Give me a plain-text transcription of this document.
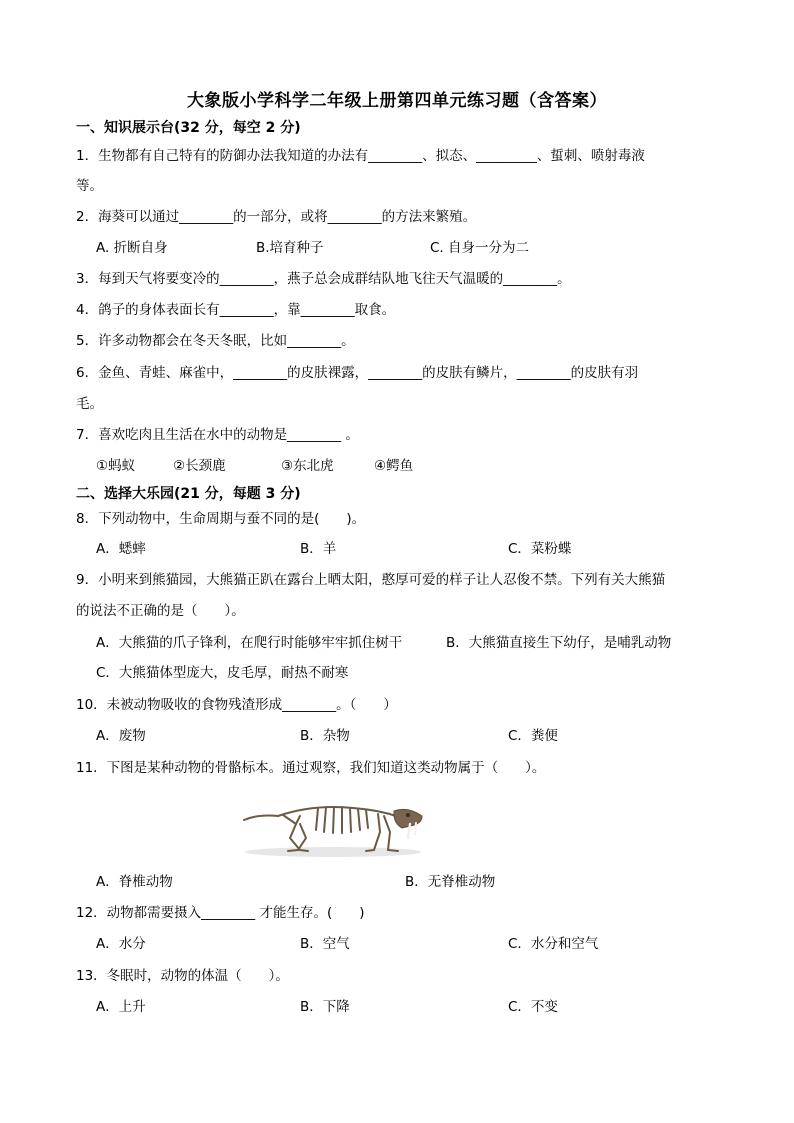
大象版小学科学二年级上册第四单元练习题（含答案）
一、知识展示台(32 分，每空 2 分)
1．生物都有自己特有的防御办法我知道的办法有________、拟态、_________、蜇刺、喷射毒液
等。
2．海葵可以通过________的一部分，或将________的方法来繁殖。
A. 折断自身	B.培育种子	C. 自身一分为二
3．每到天气将要变冷的________，燕子总会成群结队地飞往天气温暖的________。
4．鸽子的身体表面长有________，靠________取食。
5．许多动物都会在冬天冬眠，比如________。
6．金鱼、青蛙、麻雀中，________的皮肤裸露，________的皮肤有鳞片，________的皮肤有羽
毛。
7．喜欢吃肉且生活在水中的动物是________ 。
①蚂蚁	②长颈鹿	③东北虎	④鳄鱼
二、选择大乐园(21 分，每题 3 分)
8．下列动物中，生命周期与蚕不同的是(　　)。
A．蟋蟀	B．羊	C．菜粉蝶
9．小明来到熊猫园，大熊猫正趴在露台上晒太阳，憨厚可爱的样子让人忍俊不禁。下列有关大熊猫
的说法不正确的是（　　）。
A．大熊猫的爪子锋利，在爬行时能够牢牢抓住树干	B．大熊猫直接生下幼仔，是哺乳动物
C．大熊猫体型庞大，皮毛厚，耐热不耐寒
10．未被动物吸收的食物残渣形成________。（　　）
A．废物	B．杂物	C．粪便
11．下图是某种动物的骨骼标本。通过观察，我们知道这类动物属于（　　）。
A．脊椎动物	B．无脊椎动物
12．动物都需要摄入________ 才能生存。(　　)
A．水分	B．空气	C．水分和空气
13．冬眠时，动物的体温（　　）。
A．上升	B．下降	C．不变
